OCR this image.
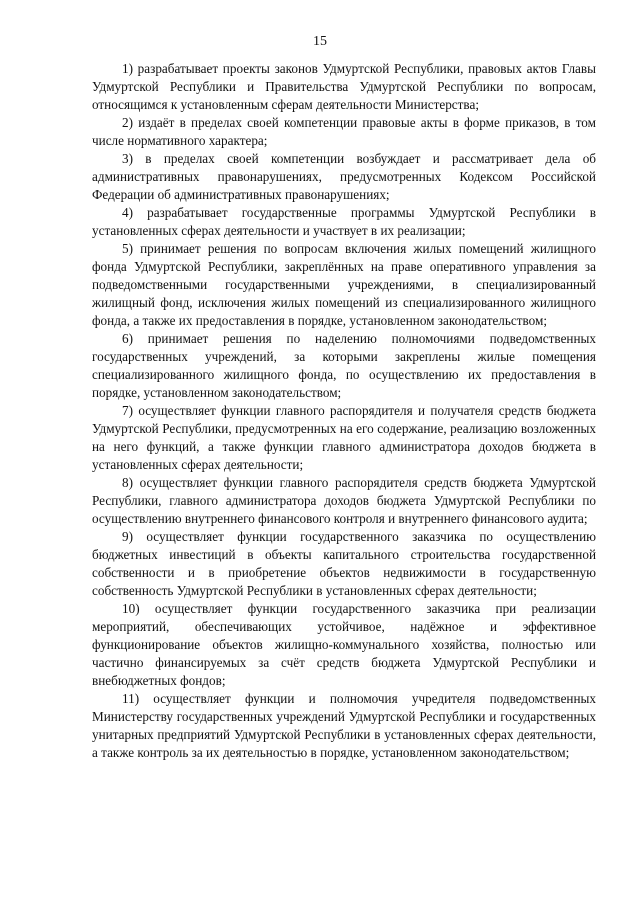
15

1) разрабатывает проекты законов Удмуртской Республики, правовых актов Главы Удмуртской Республики и Правительства Удмуртской Республики по вопросам, относящимся к установленным сферам деятельности Министерства;

2) издаёт в пределах своей компетенции правовые акты в форме приказов, в том числе нормативного характера;

3) в пределах своей компетенции возбуждает и рассматривает дела об административных правонарушениях, предусмотренных Кодексом Российской Федерации об административных правонарушениях;

4) разрабатывает государственные программы Удмуртской Республики в установленных сферах деятельности и участвует в их реализации;

5) принимает решения по вопросам включения жилых помещений жилищного фонда Удмуртской Республики, закреплённых на праве оперативного управления за подведомственными государственными учреждениями, в специализированный жилищный фонд, исключения жилых помещений из специализированного жилищного фонда, а также их предоставления в порядке, установленном законодательством;

6) принимает решения по наделению полномочиями подведомственных государственных учреждений, за которыми закреплены жилые помещения специализированного жилищного фонда, по осуществлению их предоставления в порядке, установленном законодательством;

7) осуществляет функции главного распорядителя и получателя средств бюджета Удмуртской Республики, предусмотренных на его содержание, реализацию возложенных на него функций, а также функции главного администратора доходов бюджета в установленных сферах деятельности;

8) осуществляет функции главного распорядителя средств бюджета Удмуртской Республики, главного администратора доходов бюджета Удмуртской Республики по осуществлению внутреннего финансового контроля и внутреннего финансового аудита;

9) осуществляет функции государственного заказчика по осуществлению бюджетных инвестиций в объекты капитального строительства государственной собственности и в приобретение объектов недвижимости в государственную собственность Удмуртской Республики в установленных сферах деятельности;

10) осуществляет функции государственного заказчика при реализации мероприятий, обеспечивающих устойчивое, надёжное и эффективное функционирование объектов жилищно-коммунального хозяйства, полностью или частично финансируемых за счёт средств бюджета Удмуртской Республики и внебюджетных фондов;

11) осуществляет функции и полномочия учредителя подведомственных Министерству государственных учреждений Удмуртской Республики и государственных унитарных предприятий Удмуртской Республики в установленных сферах деятельности, а также контроль за их деятельностью в порядке, установленном законодательством;
